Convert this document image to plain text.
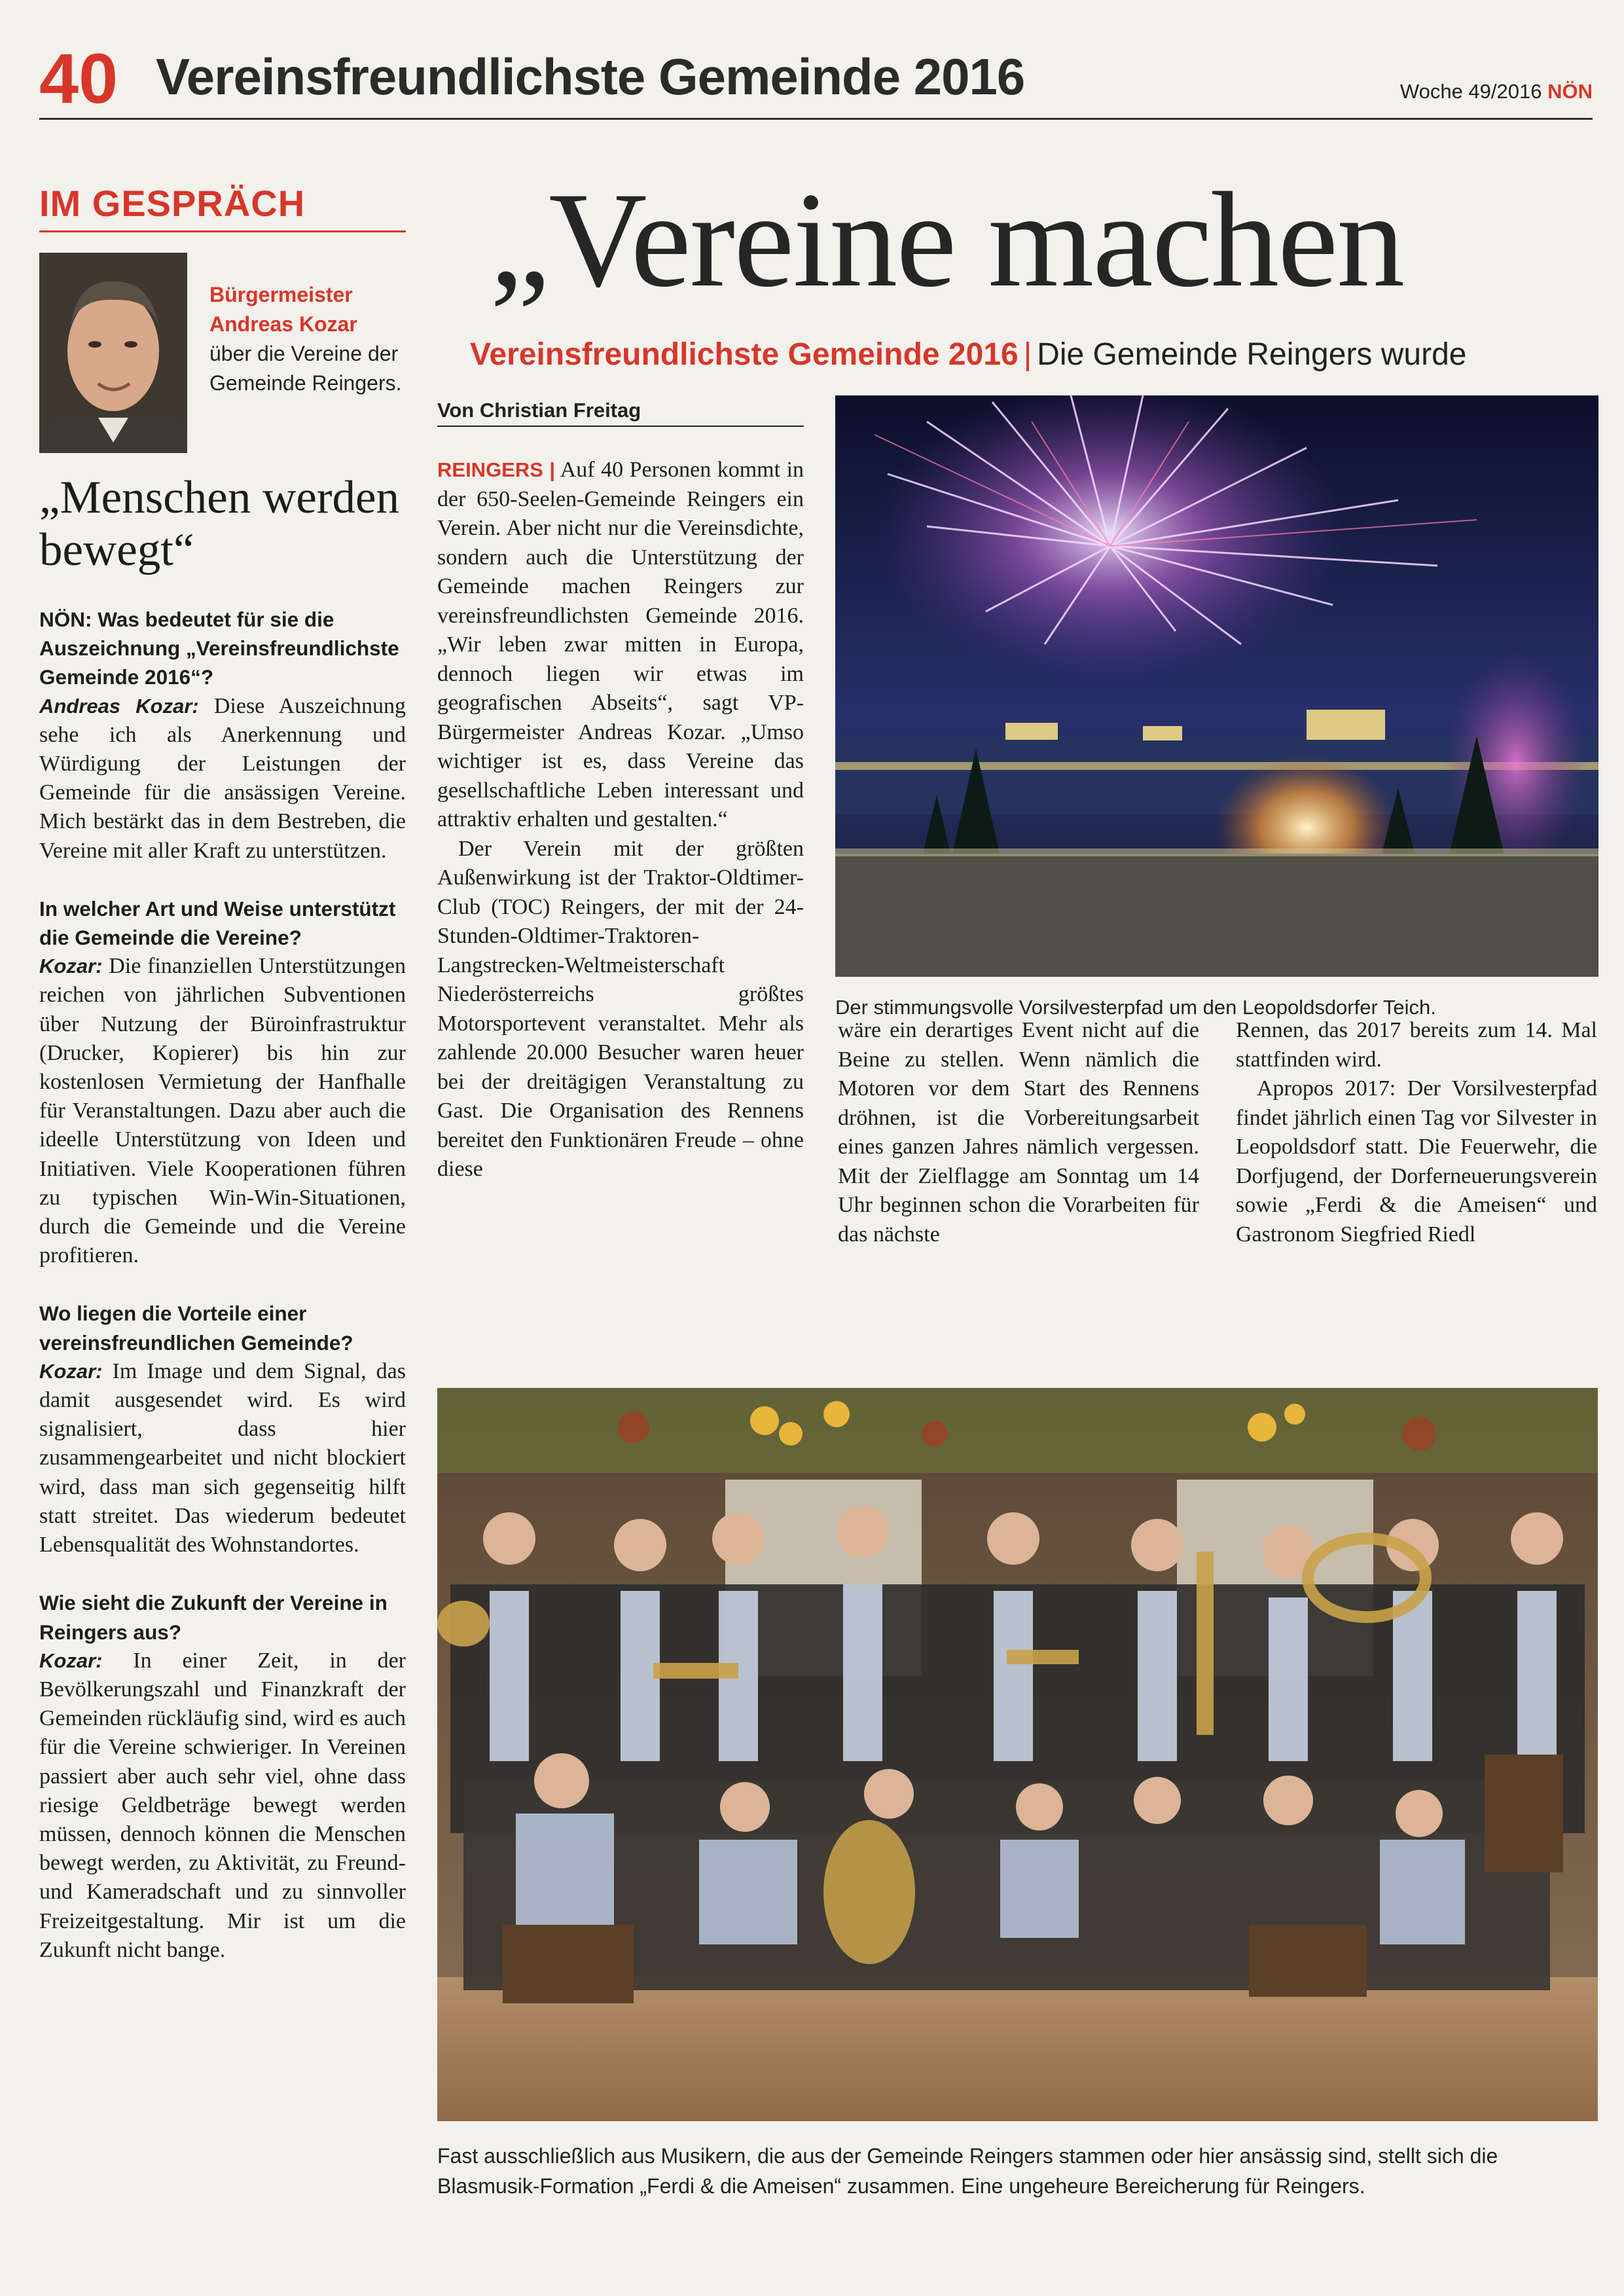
40 Vereinsfreundlichste Gemeinde 2016	Woche 49/2016 NÖN
IM GESPRÄCH
Bürgermeister
Andreas Kozar
über die Vereine der Gemeinde Reingers.
„Menschen werden bewegt“
NÖN: Was bedeutet für sie die Auszeichnung „Vereinsfreundlichste Gemeinde 2016“?

Andreas Kozar: Diese Auszeichnung sehe ich als Anerkennung und Würdigung der Leistungen der Gemeinde für die ansässigen Vereine. Mich bestärkt das in dem Bestreben, die Vereine mit aller Kraft zu unterstützen.

In welcher Art und Weise unterstützt die Gemeinde die Vereine?

Kozar: Die finanziellen Unterstützungen reichen von jährlichen Subventionen über Nutzung der Büroinfrastruktur (Drucker, Kopierer) bis hin zur kostenlosen Vermietung der Hanfhalle für Veranstaltungen. Dazu aber auch die ideelle Unterstützung von Ideen und Initiativen. Viele Kooperationen führen zu typischen Win-Win-Situationen, durch die Gemeinde und die Vereine profitieren.

Wo liegen die Vorteile einer vereinsfreundlichen Gemeinde?

Kozar: Im Image und dem Signal, das damit ausgesendet wird. Es wird signalisiert, dass hier zusammengearbeitet und nicht blockiert wird, dass man sich gegenseitig hilft statt streitet. Das wiederum bedeutet Lebensqualität des Wohnstandortes.

Wie sieht die Zukunft der Vereine in Reingers aus?

Kozar: In einer Zeit, in der Bevölkerungszahl und Finanzkraft der Gemeinden rückläufig sind, wird es auch für die Vereine schwieriger. In Vereinen passiert aber auch sehr viel, ohne dass riesige Geldbeträge bewegt werden müssen, dennoch können die Menschen bewegt werden, zu Aktivität, zu Freund- und Kameradschaft und zu sinnvoller Freizeitgestaltung. Mir ist um die Zukunft nicht bange.

„Vereine machen
Vereinsfreundlichste Gemeinde 2016 | Die Gemeinde Reingers wurde
Von Christian Freitag

REINGERS | Auf 40 Personen kommt in der 650-Seelen-Gemeinde Reingers ein Verein. Aber nicht nur die Vereinsdichte, sondern auch die Unterstützung der Gemeinde machen Reingers zur vereinsfreundlichsten Gemeinde 2016. „Wir leben zwar mitten in Europa, dennoch liegen wir etwas im geografischen Abseits“, sagt VP-Bürgermeister Andreas Kozar. „Umso wichtiger ist es, dass Vereine das gesellschaftliche Leben interessant und attraktiv erhalten und gestalten.“

Der Verein mit der größten Außenwirkung ist der Traktor-Oldtimer-Club (TOC) Reingers, der mit der 24-Stunden-Oldtimer-Traktoren-Langstrecken-Weltmeisterschaft Niederösterreichs größtes Motorsportevent veranstaltet. Mehr als zahlende 20.000 Besucher waren heuer bei der dreitägigen Veranstaltung zu Gast. Die Organisation des Rennens bereitet den Funktionären Freude – ohne diese

Der stimmungsvolle Vorsilvesterpfad um den Leopoldsdorfer Teich.

wäre ein derartiges Event nicht auf die Beine zu stellen. Wenn nämlich die Motoren vor dem Start des Rennens dröhnen, ist die Vorbereitungsarbeit eines ganzen Jahres nämlich vergessen. Mit der Zielflagge am Sonntag um 14 Uhr beginnen schon die Vorarbeiten für das nächste

Rennen, das 2017 bereits zum 14. Mal stattfinden wird.

Apropos 2017: Der Vorsilvesterpfad findet jährlich einen Tag vor Silvester in Leopoldsdorf statt. Die Feuerwehr, die Dorfjugend, der Dorferneuerungsverein sowie „Ferdi & die Ameisen“ und Gastronom Siegfried Riedl

Fast ausschließlich aus Musikern, die aus der Gemeinde Reingers stammen oder hier ansässig sind, stellt sich die Blasmusik-Formation „Ferdi & die Ameisen“ zusammen. Eine ungeheure Bereicherung für Reingers.
